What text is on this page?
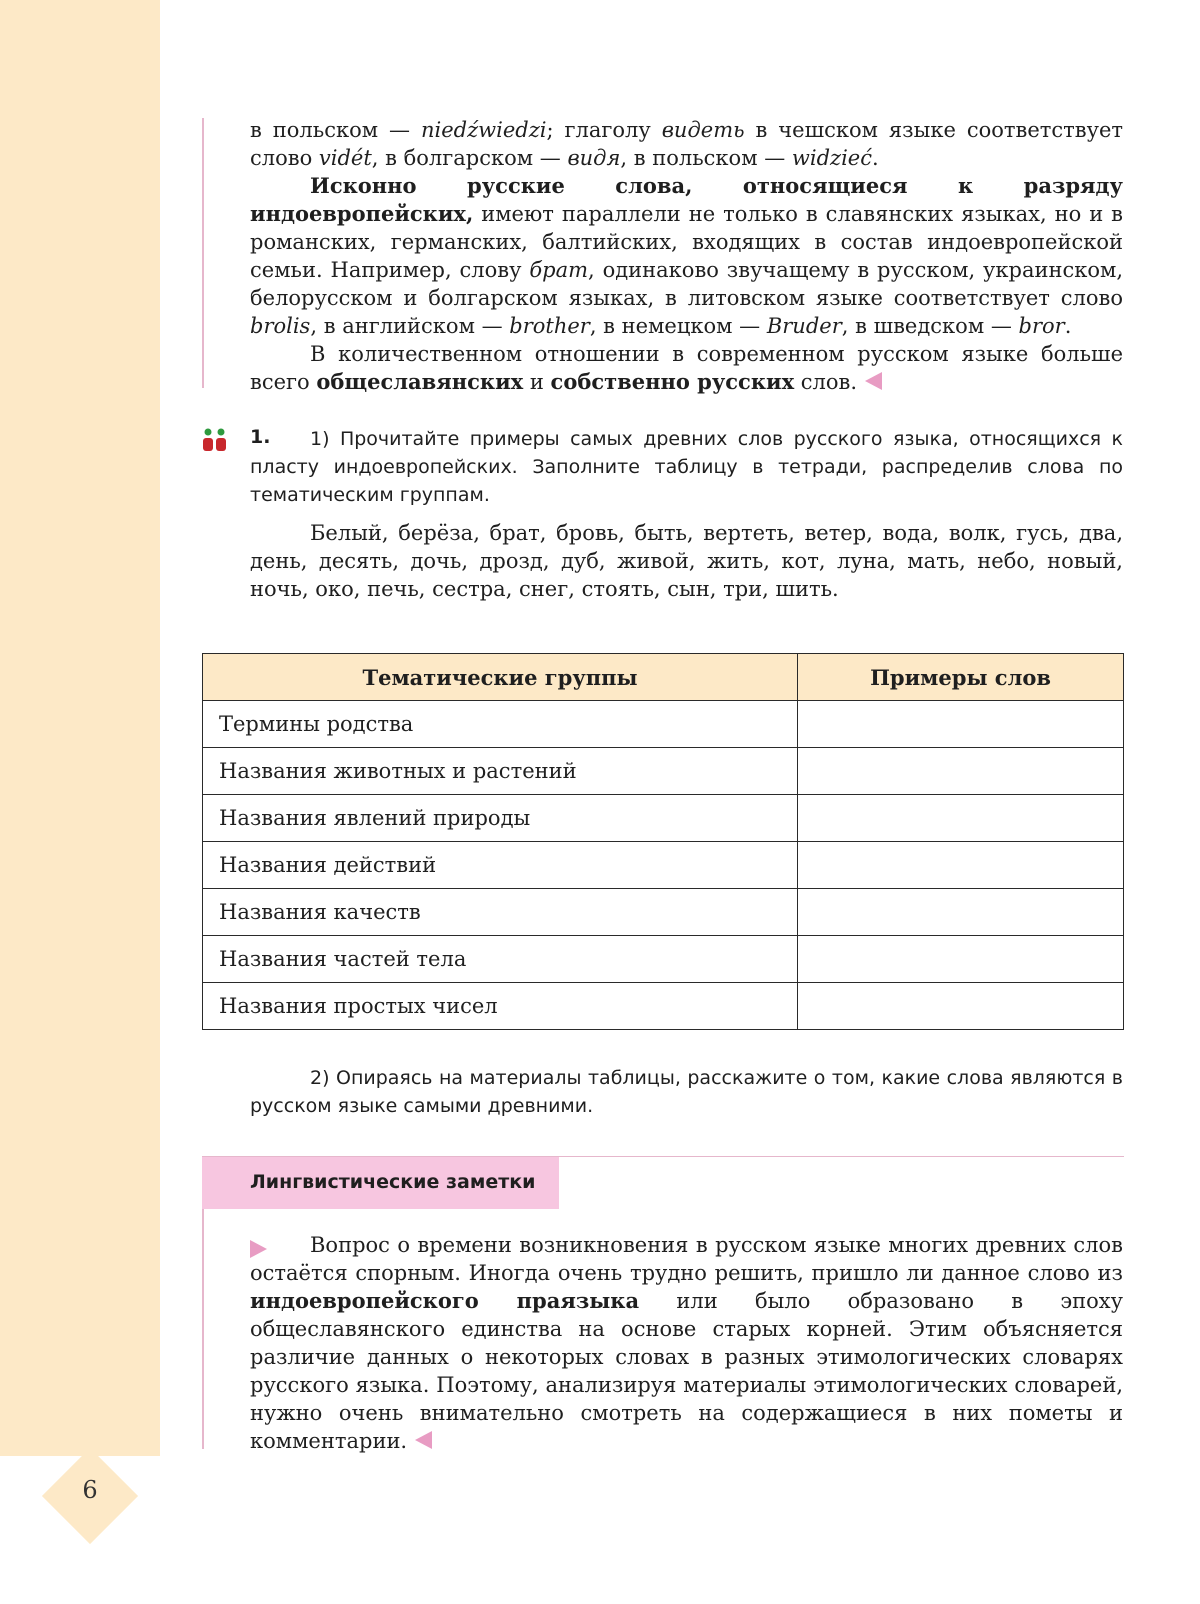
6

в польском — niedźwiedzi; глаголу видеть в чешском языке соответствует слово vidét, в болгарском — видя, в польском — widzieć.

Исконно русские слова, относящиеся к разряду индоевропейских, имеют параллели не только в славянских языках, но и в романских, германских, балтийских, входящих в состав индоевропейской семьи. Например, слову брат, одинаково звучащему в русском, украинском, белорусском и болгарском языках, в литовском языке соответствует слово brolis, в английском — brother, в немецком — Bruder, в шведском — bror.

В количественном отношении в современном русском языке больше всего общеславянских и собственно русских слов.

1.	1) Прочитайте примеры самых древних слов русского языка, относящихся к пласту индоевропейских. Заполните таблицу в тетради, распределив слова по тематическим группам.

Белый, берёза, брат, бровь, быть, вертеть, ветер, вода, волк, гусь, два, день, десять, дочь, дрозд, дуб, живой, жить, кот, луна, мать, небо, новый, ночь, око, печь, сестра, снег, стоять, сын, три, шить.

Тематические группы	Примеры слов
Термины родства	
Названия животных и растений	
Названия явлений природы	
Названия действий	
Названия качеств	
Названия частей тела	
Названия простых чисел	

2) Опираясь на материалы таблицы, расскажите о том, какие слова являются в русском языке самыми древними.

Лингвистические заметки

Вопрос о времени возникновения в русском языке многих древних слов остаётся спорным. Иногда очень трудно решить, пришло ли данное слово из индоевропейского праязыка или было образовано в эпоху общеславянского единства на основе старых корней. Этим объясняется различие данных о некоторых словах в разных этимологических словарях русского языка. Поэтому, анализируя материалы этимологических словарей, нужно очень внимательно смотреть на содержащиеся в них пометы и комментарии.
